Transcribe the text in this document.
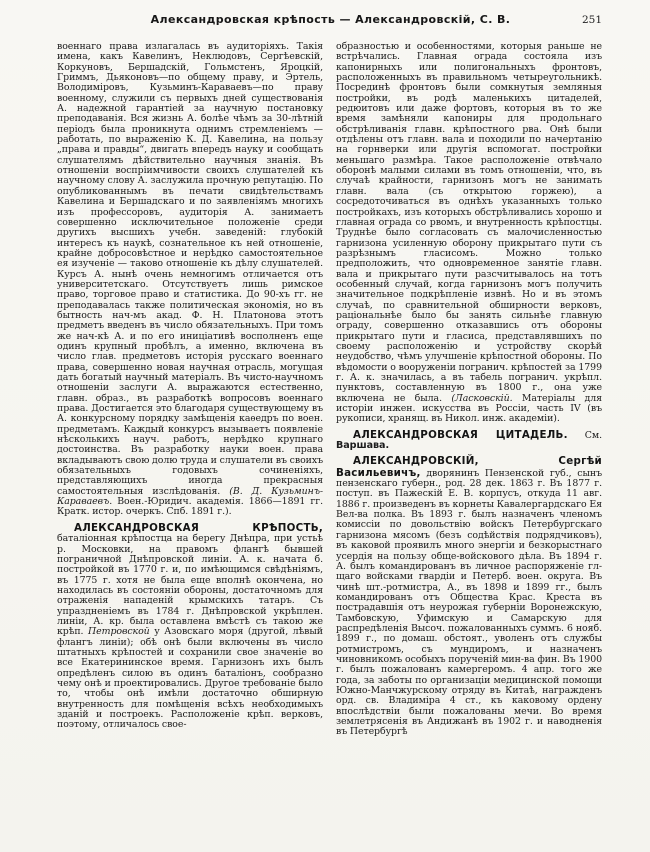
Александровская крѣпость — Александровскій, С. В.	251

военнаго права излагалась въ аудиторіяхъ. Такія имена, какъ Кавелинъ, Неклюдовъ, Сергѣевскій, Коркуновъ, Бершадскій, Гольмстенъ, Яроцкій, Гриммъ, Дьяконовъ—по общему праву, и Эртель, Володиміровъ, Кузьминъ-Караваевъ—по праву военному, служили съ первыхъ дней существованія А. надежной гарантіей за научную постановку преподаванія. Вся жизнь А. болѣе чѣмъ за 30-лѣтній періодъ была проникнута однимъ стремленіемъ — работать, по выраженію К. Д. Кавелина, на пользу „права и правды“, двигать впередъ науку и сообщать слушателямъ дѣйствительно научныя знанія. Въ отношеніи воспріимчивости своихъ слушателей къ научному слову А. заслужила прочную репутацію. По опубликованнымъ въ печати свидѣтельствамъ Кавелина и Бершадскаго и по заявленіямъ многихъ изъ профессоровъ, аудиторія А. занимаетъ совершенно исключительное положеніе среди другихъ высшихъ учебн. заведеній: глубокій интересъ къ наукѣ, сознательное къ ней отношеніе, крайне добросовѣстное и нерѣдко самостоятельное ея изученіе — таково отношеніе къ дѣлу слушателей. Курсъ А. нынѣ очень немногимъ отличается отъ университетскаго. Отсутствуетъ лишь римское право, торговое право и статистика. До 90-хъ гг. не преподавалась также политическая экономія, но въ бытность нач-мъ акад. Ф. Н. Платонова этотъ предметъ введенъ въ число обязательныхъ. При томъ же нач-кѣ А. и по его иниціативѣ восполненъ еще одинъ крупный пробѣлъ, а именно, включена въ число глав. предметовъ исторія русскаго военнаго права, совершенно новая научная отрасль, могущая дать богатый научный матеріалъ. Въ чисто-научномъ отношеніи заслуги А. выражаются естественно, главн. образ., въ разработкѣ вопросовъ военнаго права. Достигается это благодаря существующему въ А. конкурсному порядку замѣщенія каѳедръ по воен. предметамъ. Каждый конкурсъ вызываетъ появленіе нѣсколькихъ науч. работъ, нерѣдко крупнаго достоинства. Въ разработку науки воен. права вкладываютъ свою долю труда и слушатели въ своихъ обязательныхъ годовыхъ сочиненіяхъ, представляющихъ иногда прекрасныя самостоятельныя изслѣдованія. (В. Д. Кузьминъ-Караваевъ. Воен.-Юридич. академія. 1866—1891 гг. Кратк. истор. очеркъ. Спб. 1891 г.).

АЛЕКСАНДРОВСКАЯ КРѢПОСТЬ, баталіонная крѣпостца на берегу Днѣпра, при устьѣ р. Московки, на правомъ флангѣ бывшей пограничной Днѣпровской линіи. А. к. начата б. постройкой въ 1770 г. и, по имѣющимся свѣдѣніямъ, въ 1775 г. хотя не была еще вполнѣ окончена, но находилась въ состояніи обороны, достаточномъ для отраженія нападеній крымскихъ татаръ. Съ упраздненіемъ въ 1784 г. Днѣпровской укрѣплен. линіи, А. кр. была оставлена вмѣстѣ съ такою же крѣп. Петровской у Азовскаго моря (другой, лѣвый флангъ линіи); обѣ онѣ были включены въ число штатныхъ крѣпостей и сохранили свое значеніе во все Екатерининское время. Гарнизонъ ихъ былъ опредѣленъ силою въ одинъ баталіонъ, сообразно чему онѣ и проектировались. Другое требованіе было то, чтобы онѣ имѣли достаточно обширную внутренность для помѣщенія всѣхъ необходимыхъ зданій и построекъ. Расположеніе крѣп. верковъ, поэтому, отличалось свое-

образностью и особенностями, которыя раньше не встрѣчались. Главная ограда состояла изъ капонирныхъ или полигональныхъ фронтовъ, расположенныхъ въ правильномъ четыреугольникѣ. Посрединѣ фронтовъ были сомкнутыя земляныя постройки, въ родѣ маленькихъ цитаделей, редюитовъ или даже фортовъ, которыя въ то же время замѣняли капониры для продольнаго обстрѣливанія главн. крѣпостного рва. Онѣ были отдѣлены отъ главн. вала и походили по начертанію на горнверки или другія вспомогат. постройки меньшаго размѣра. Такое расположеніе отвѣчало оборонѣ малыми силами въ томъ отношеніи, что, въ случаѣ крайности, гарнизонъ могъ не занимать главн. вала (съ открытою горжею), а сосредоточиваться въ однѣхъ указанныхъ только постройкахъ, изъ которыхъ обстрѣливались хорошо и главная ограда со рвомъ, и внутренность крѣпостцы. Труднѣе было согласовать съ малочисленностью гарнизона усиленную оборону прикрытаго пути съ разрѣзнымъ гласисомъ. Можно только предположить, что одновременное занятіе главн. вала и прикрытаго пути разсчитывалось на тотъ особенный случай, когда гарнизонъ могъ получить значительное подкрѣпленіе извнѣ. Но и въ этомъ случаѣ, по сравнительной обширности верковъ, раціональнѣе было бы занять сильнѣе главную ограду, совершенно отказавшись отъ обороны прикрытаго пути и гласиса, представлявшихъ по своему расположенію и устройству скорѣй неудобство, чѣмъ улучшеніе крѣпостной обороны. По вѣдомости о вооруженіи погранич. крѣпостей за 1799 г. А. к. значилась, а въ табель погранич. укрѣпл. пунктовъ, составленную въ 1800 г., она уже включена не была. (Ласковскій. Матеріалы для исторіи инжен. искусства въ Россіи, часть IV (въ рукописи, хранящ. въ Никол. инж. академіи).

АЛЕКСАНДРОВСКАЯ ЦИТАДЕЛЬ. См. Варшава.

АЛЕКСАНДРОВСКІЙ, Сергѣй Васильевичъ, дворянинъ Пензенской губ., сынъ пензенскаго губерн., род. 28 дек. 1863 г. Въ 1877 г. поступ. въ Пажескій Е. В. корпусъ, откуда 11 авг. 1886 г. произведенъ въ корнеты Кавалергардскаго Ея Вел-ва полка. Въ 1893 г. былъ назначенъ членомъ комиссіи по довольствію войскъ Петербургскаго гарнизона мясомъ (безъ содѣйствія подрядчиковъ), въ каковой проявилъ много энергіи и безкорыстнаго усердія на пользу обще-войскового дѣла. Въ 1894 г. А. былъ командированъ въ личное распоряженіе гл-щаго войсками гвардіи и Петерб. воен. округа. Въ чинѣ шт.-ротмистра, А., въ 1898 и 1899 гг., былъ командированъ отъ Общества Крас. Креста въ пострадавшія отъ неурожая губерніи Воронежскую, Тамбовскую, Уфимскую и Самарскую для распредѣленія Высоч. пожалованныхъ суммъ. 6 нояб. 1899 г., по домаш. обстоят., уволенъ отъ службы ротмистромъ, съ мундиромъ, и назначенъ чиновникомъ особыхъ порученій мин-ва фин. Въ 1900 г. былъ пожалованъ камергеромъ. 4 апр. того же года, за заботы по организаціи медицинской помощи Южно-Манчжурскому отряду въ Китаѣ, награжденъ орд. св. Владиміра 4 ст., къ каковому ордену впослѣдствіи были пожалованы мечи. Во время землетрясенія въ Андижанѣ въ 1902 г. и наводненія въ Петербургѣ
